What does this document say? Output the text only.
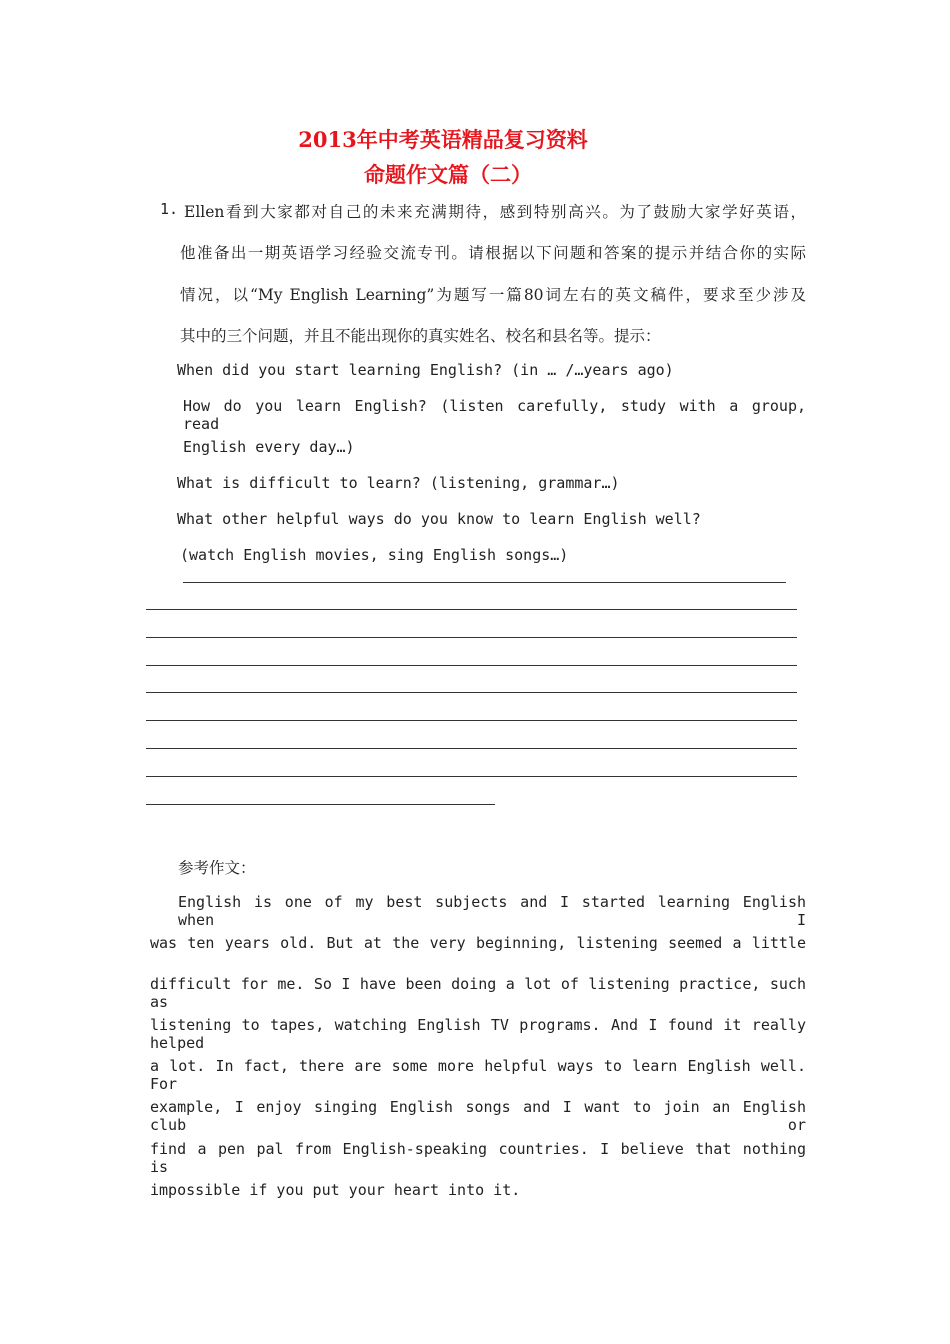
2013年中考英语精品复习资料
命题作文篇（二）
1. Ellen看到大家都对自己的未来充满期待，感到特别高兴。为了鼓励大家学好英语，
他准备出一期英语学习经验交流专刊。请根据以下问题和答案的提示并结合你的实际
情况，以“My English Learning”为题写一篇80词左右的英文稿件，要求至少涉及
其中的三个问题，并且不能出现你的真实姓名、校名和县名等。提示：
When did you start learning English? (in … /…years ago)
How do you learn English? (listen carefully, study with a group, read
English every day…)
What is difficult to learn? (listening, grammar…)
What other helpful ways do you know to learn English well?
(watch English movies, sing English songs…)
参考作文：
English is one of my best subjects and I started learning English when I
was ten years old. But at the very beginning, listening seemed a little
difficult for me. So I have been doing a lot of listening practice, such as
listening to tapes, watching English TV programs. And I found it really helped
a lot. In fact, there are some more helpful ways to learn English well. For
example, I enjoy singing English songs and I want to join an English club or
find a pen pal from English-speaking countries. I believe that nothing is
impossible if you put your heart into it.
